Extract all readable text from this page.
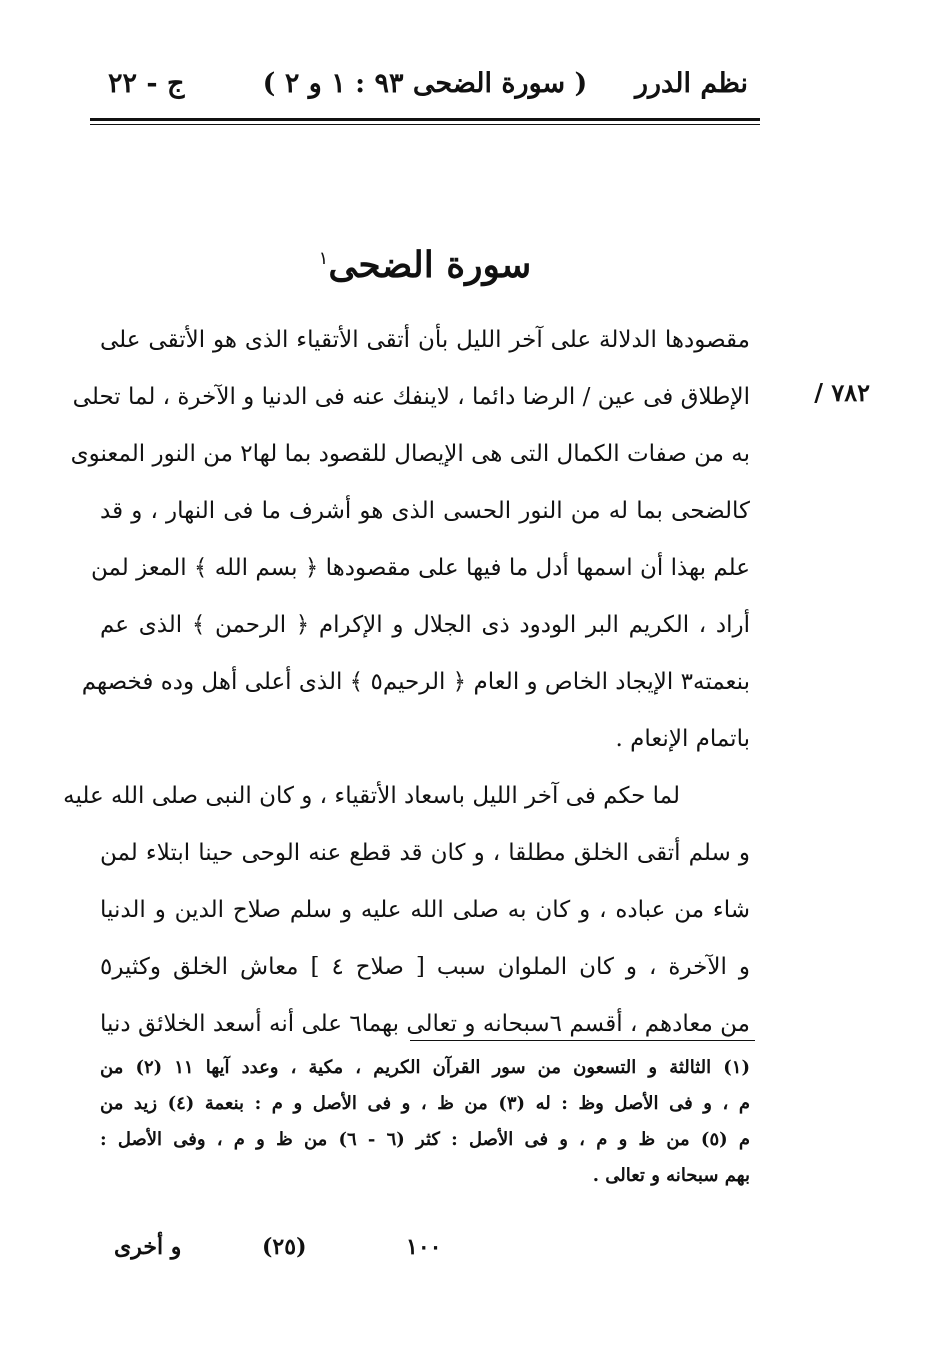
نظم الدرر
( سورة الضحى ٩٣ : ١ و ٢ )
ج - ٢٢
سورة الضحى$^١$
٧٨٢ /
مقصودها الدلالة على آخر الليل بأن أتقى الأتقياء الذى هو الأتقى على
الإطلاق فى عين / الرضا دائما ، لاينفك عنه فى الدنيا و الآخرة ، لما تحلى
به من صفات الكمال التى هى الإيصال للقصود بما لها٢ من النور المعنوى
كالضحى بما له من النور الحسى الذى هو أشرف ما فى النهار ، و قد
علم بهذا أن اسمها أدل ما فيها على مقصودها ﴿ بسم الله ﴾ المعز لمن
أراد ، الكريم البر الودود ذى الجلال و الإكرام ﴿ الرحمن ﴾ الذى عم
بنعمته٣ الإيجاد الخاص و العام ﴿ الرحيم٥ ﴾ الذى أعلى أهل وده فخصهم
باتمام الإنعام .
لما حكم فى آخر الليل باسعاد الأتقياء ، و كان النبى صلى الله عليه
و سلم أتقى الخلق مطلقا ، و كان قد قطع عنه الوحى حينا ابتلاء لمن
شاء من عباده ، و كان به صلى الله عليه و سلم صلاح الدين و الدنيا
و الآخرة ، و كان الملوان سبب [ صلاح ٤ ] معاش الخلق وكثير٥
من معادهم ، أقسم ٦سبحانه و تعالى بهما٦ على أنه أسعد الخلائق دنيا
(١) الثالثة و التسعون من سور القرآن الكريم ، مكية ، وعدد آيها ١١ (٢) من
م ، و فى الأصل وظ : له (٣) من ظ ، و فى الأصل و م : بنعمة (٤) زيد من
م (٥) من ظ و م ، و فى الأصل : كثر (٦ - ٦) من ظ و م ، وفى الأصل :
بهم سبحانه و تعالى .
١٠٠
(٢٥)
و أخرى
